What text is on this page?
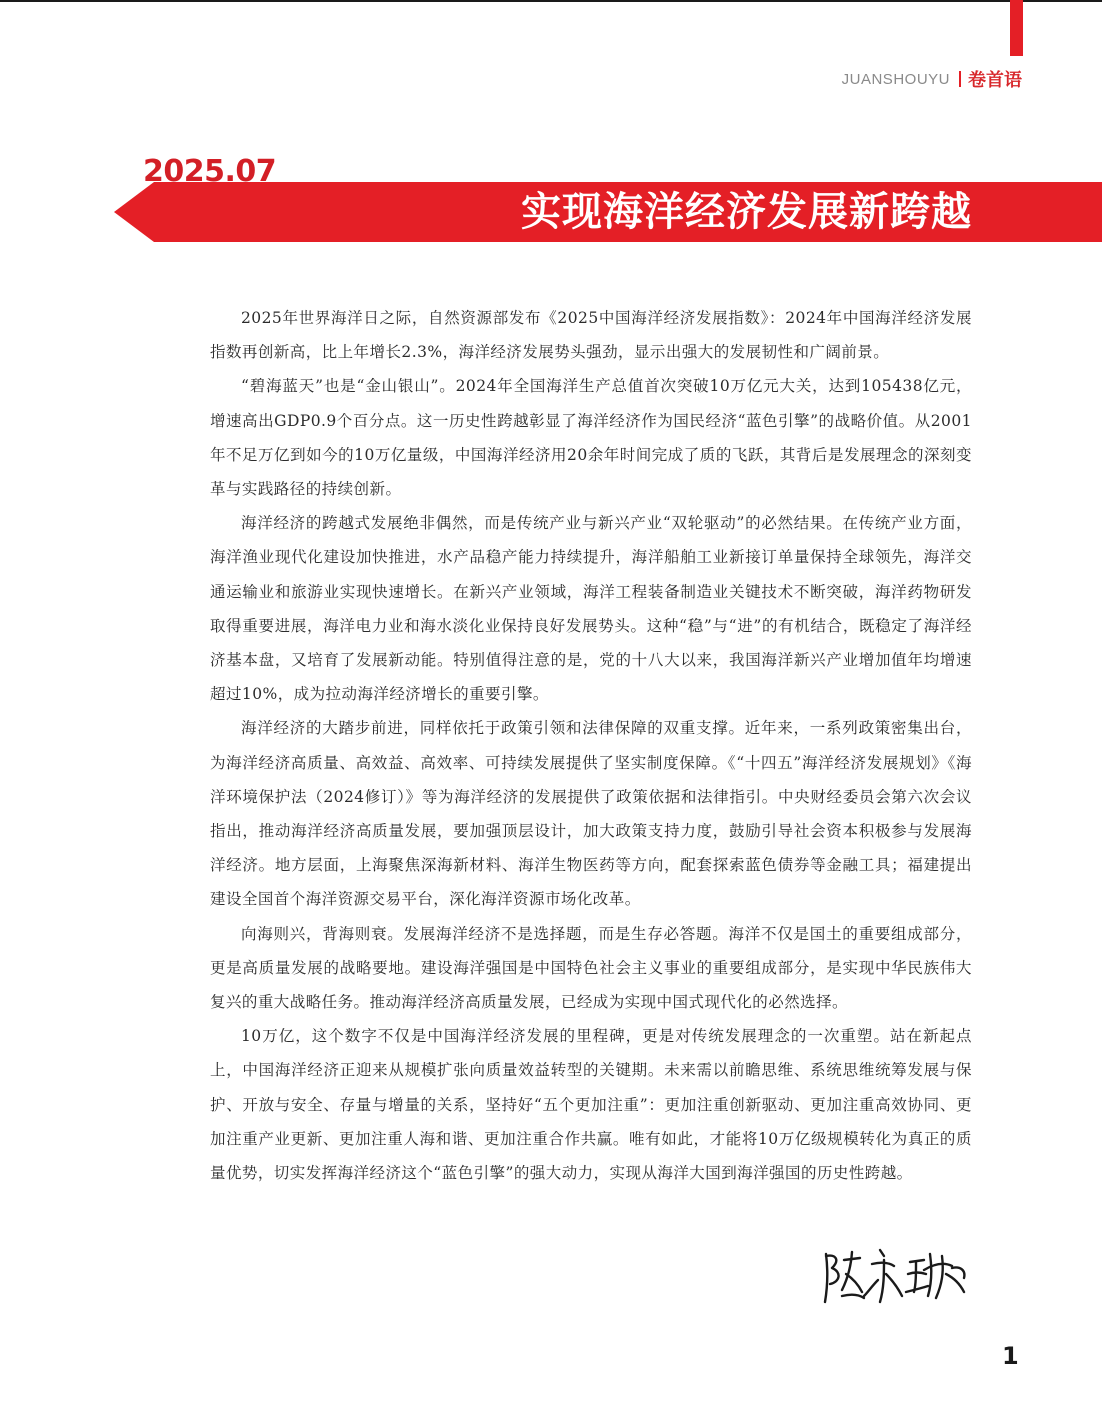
JUANSHOUYU 卷首语
2025.07
实现海洋经济发展新跨越

2025年世界海洋日之际，自然资源部发布《2025中国海洋经济发展指数》：2024年中国海洋经济发展指数再创新高，比上年增长2.3%，海洋经济发展势头强劲，显示出强大的发展韧性和广阔前景。

“碧海蓝天”也是“金山银山”。2024年全国海洋生产总值首次突破10万亿元大关，达到105438亿元，增速高出GDP0.9个百分点。这一历史性跨越彰显了海洋经济作为国民经济“蓝色引擎”的战略价值。从2001年不足万亿到如今的10万亿量级，中国海洋经济用20余年时间完成了质的飞跃，其背后是发展理念的深刻变革与实践路径的持续创新。

海洋经济的跨越式发展绝非偶然，而是传统产业与新兴产业“双轮驱动”的必然结果。在传统产业方面，海洋渔业现代化建设加快推进，水产品稳产能力持续提升，海洋船舶工业新接订单量保持全球领先，海洋交通运输业和旅游业实现快速增长。在新兴产业领域，海洋工程装备制造业关键技术不断突破，海洋药物研发取得重要进展，海洋电力业和海水淡化业保持良好发展势头。这种“稳”与“进”的有机结合，既稳定了海洋经济基本盘，又培育了发展新动能。特别值得注意的是，党的十八大以来，我国海洋新兴产业增加值年均增速超过10%，成为拉动海洋经济增长的重要引擎。

海洋经济的大踏步前进，同样依托于政策引领和法律保障的双重支撑。近年来，一系列政策密集出台，为海洋经济高质量、高效益、高效率、可持续发展提供了坚实制度保障。《“十四五”海洋经济发展规划》《海洋环境保护法（2024修订）》等为海洋经济的发展提供了政策依据和法律指引。中央财经委员会第六次会议指出，推动海洋经济高质量发展，要加强顶层设计，加大政策支持力度，鼓励引导社会资本积极参与发展海洋经济。地方层面，上海聚焦深海新材料、海洋生物医药等方向，配套探索蓝色债券等金融工具；福建提出建设全国首个海洋资源交易平台，深化海洋资源市场化改革。

向海则兴，背海则衰。发展海洋经济不是选择题，而是生存必答题。海洋不仅是国土的重要组成部分，更是高质量发展的战略要地。建设海洋强国是中国特色社会主义事业的重要组成部分，是实现中华民族伟大复兴的重大战略任务。推动海洋经济高质量发展，已经成为实现中国式现代化的必然选择。

10万亿，这个数字不仅是中国海洋经济发展的里程碑，更是对传统发展理念的一次重塑。站在新起点上，中国海洋经济正迎来从规模扩张向质量效益转型的关键期。未来需以前瞻思维、系统思维统筹发展与保护、开放与安全、存量与增量的关系，坚持好“五个更加注重”：更加注重创新驱动、更加注重高效协同、更加注重产业更新、更加注重人海和谐、更加注重合作共赢。唯有如此，才能将10万亿级规模转化为真正的质量优势，切实发挥海洋经济这个“蓝色引擎”的强大动力，实现从海洋大国到海洋强国的历史性跨越。

1
